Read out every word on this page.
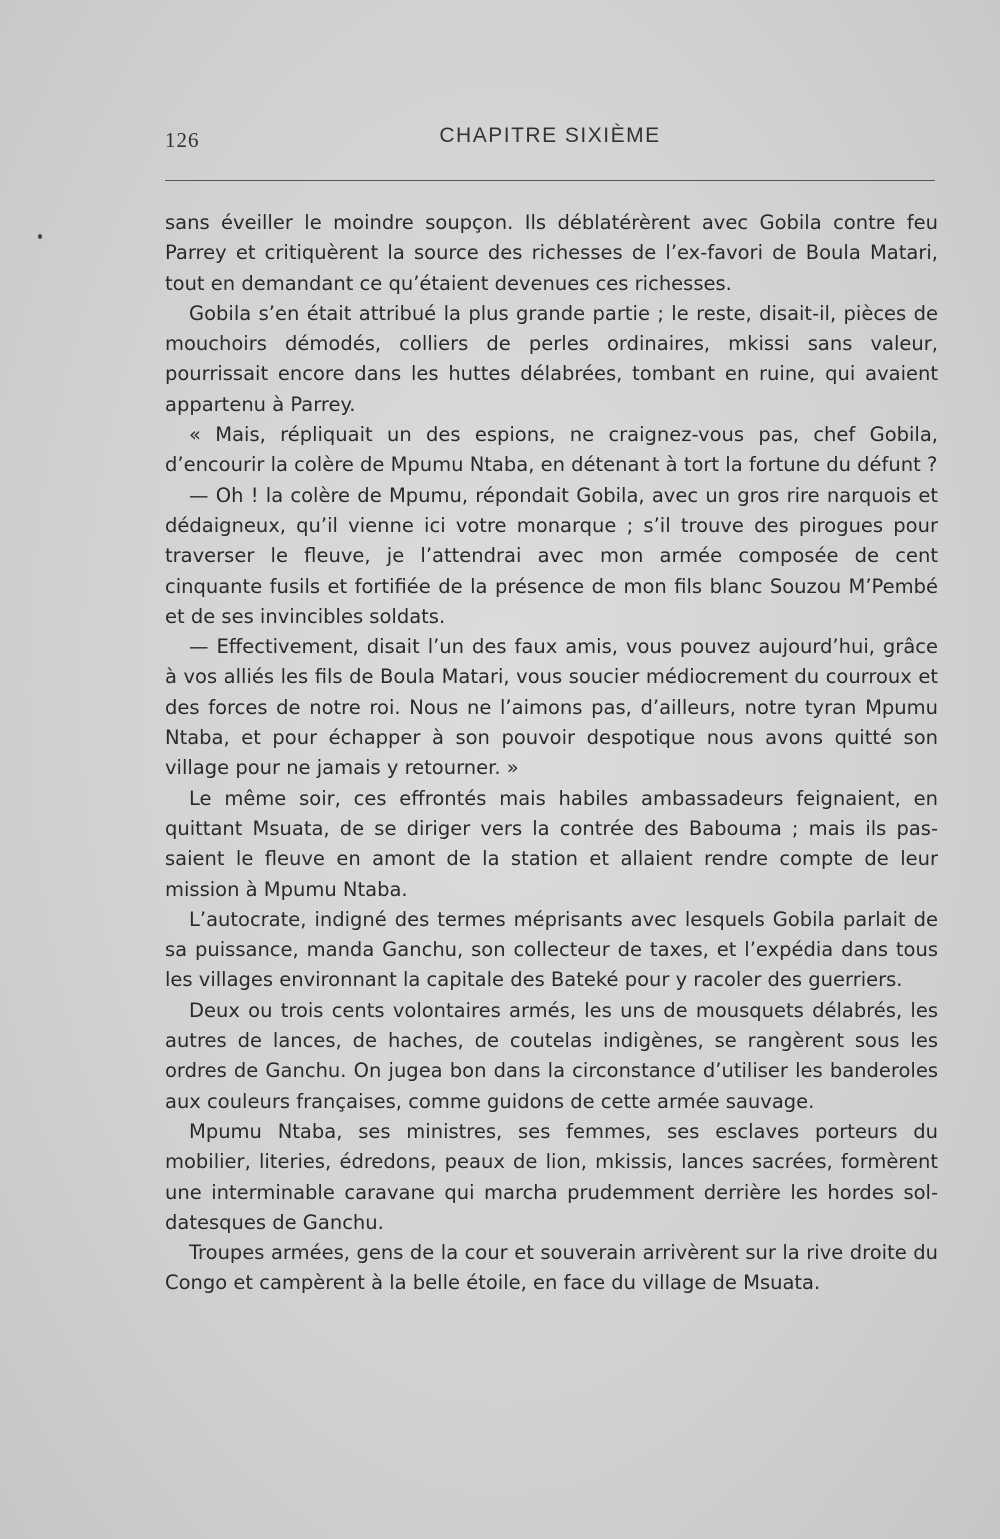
126	CHAPITRE SIXIÈME

sans éveiller le moindre soupçon. Ils déblatérèrent avec Gobila contre feu Parrey et critiquèrent la source des richesses de l’ex-favori de Boula Matari, tout en demandant ce qu’étaient devenues ces richesses.

Gobila s’en était attribué la plus grande partie ; le reste, disait-il, pièces de mouchoirs démodés, colliers de perles ordinaires, mkissi sans valeur, pourrissait encore dans les huttes délabrées, tombant en ruine, qui avaient appartenu à Parrey.

« Mais, répliquait un des espions, ne craignez-vous pas, chef Gobila, d’encourir la colère de Mpumu Ntaba, en détenant à tort la fortune du défunt ?

— Oh ! la colère de Mpumu, répondait Gobila, avec un gros rire narquois et dédaigneux, qu’il vienne ici votre monarque ; s’il trouve des pirogues pour traverser le fleuve, je l’attendrai avec mon armée composée de cent cinquante fusils et fortifiée de la présence de mon fils blanc Souzou M’Pembé et de ses invincibles soldats.

— Effectivement, disait l’un des faux amis, vous pouvez aujourd’hui, grâce à vos alliés les fils de Boula Matari, vous soucier médiocrement du courroux et des forces de notre roi. Nous ne l’aimons pas, d’ailleurs, notre tyran Mpumu Ntaba, et pour échapper à son pouvoir despotique nous avons quitté son village pour ne jamais y retourner. »

Le même soir, ces effrontés mais habiles ambassadeurs feignaient, en quittant Msuata, de se diriger vers la contrée des Babouma ; mais ils passaient le fleuve en amont de la station et allaient rendre compte de leur mission à Mpumu Ntaba.

L’autocrate, indigné des termes méprisants avec lesquels Gobila parlait de sa puissance, manda Ganchu, son collecteur de taxes, et l’expédia dans tous les villages environnant la capitale des Bateké pour y racoler des guerriers.

Deux ou trois cents volontaires armés, les uns de mousquets délabrés, les autres de lances, de haches, de coutelas indigènes, se rangèrent sous les ordres de Ganchu. On jugea bon dans la circonstance d’utiliser les banderoles aux couleurs françaises, comme guidons de cette armée sauvage.

Mpumu Ntaba, ses ministres, ses femmes, ses esclaves porteurs du mobilier, literies, édredons, peaux de lion, mkissis, lances sacrées, formèrent une interminable caravane qui marcha prudemment derrière les hordes soldatesques de Ganchu.

Troupes armées, gens de la cour et souverain arrivèrent sur la rive droite du Congo et campèrent à la belle étoile, en face du village de Msuata.
